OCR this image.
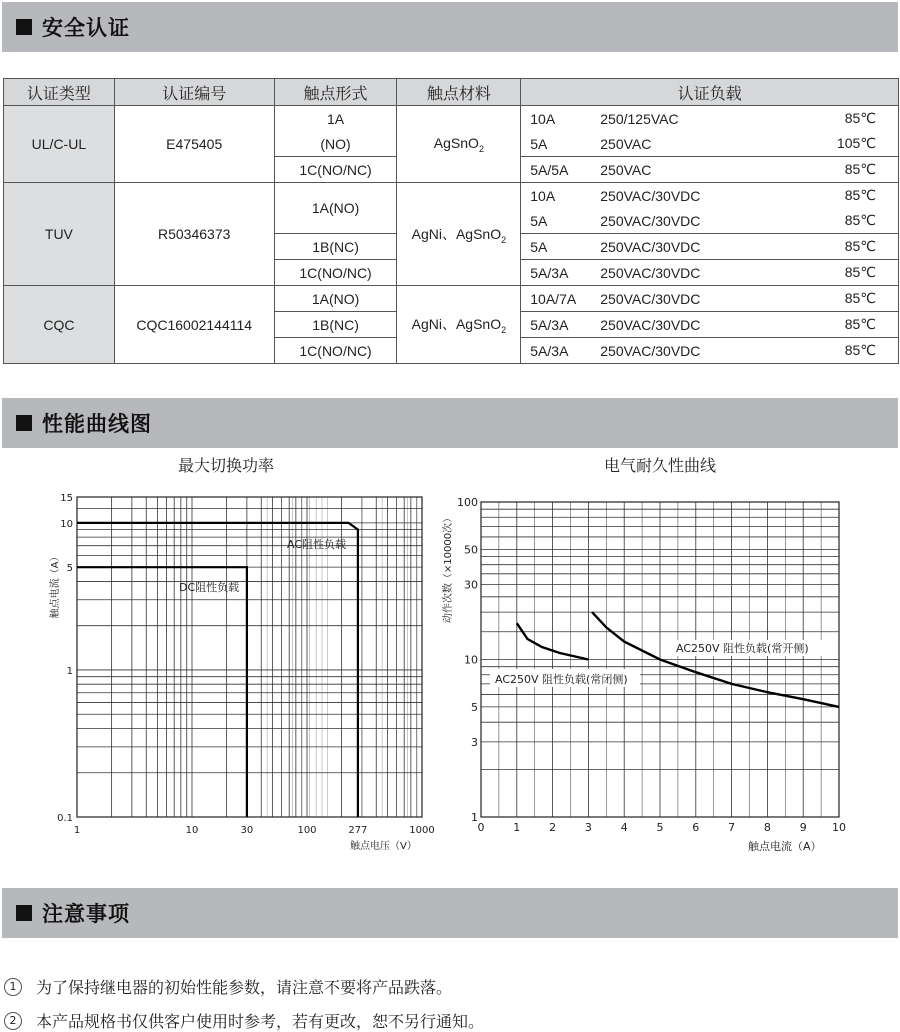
安全认证
认证类型	认证编号	触点形式	触点材料	认证负载
UL/C-UL	E475405	1A	AgSnO$_2$	10A 250/125VAC 85℃

		(NO)		5A 250VAC 105℃

		1C(NO/NC)		5A/5A 250VAC 85℃

TUV	R50346373	1A(NO)	AgNi、AgSnO$_2$	10A 250VAC/30VDC 85℃

				5A 250VAC/30VDC 85℃

		1B(NC)		5A 250VAC/30VDC 85℃

		1C(NO/NC)		5A/3A 250VAC/30VDC 85℃

CQC	CQC16002144114	1A(NO)	AgNi、AgSnO$_2$	10A/7A 250VAC/30VDC 85℃

		1B(NC)		5A/3A 250VAC/30VDC 85℃

		1C(NO/NC)		5A/3A 250VAC/30VDC 85℃
性能曲线图
最大切换功率	电气耐久性曲线
1	10	30	100	277	1000
15
10
5
1
0.1
AC阻性负载
DC阻性负载
触点电压（V）
触点电流（A）
0	1	2	3	4	5	6	7	8	9 10
100
50
30
10
5
3
1
AC250V 阻性负载(常闭侧)
AC250V 阻性负载(常开侧)
触点电流（A）
动作次数（×10000次）
注意事项
1	为了保持继电器的初始性能参数，请注意不要将产品跌落。
2	本产品规格书仅供客户使用时参考，若有更改，恕不另行通知。
